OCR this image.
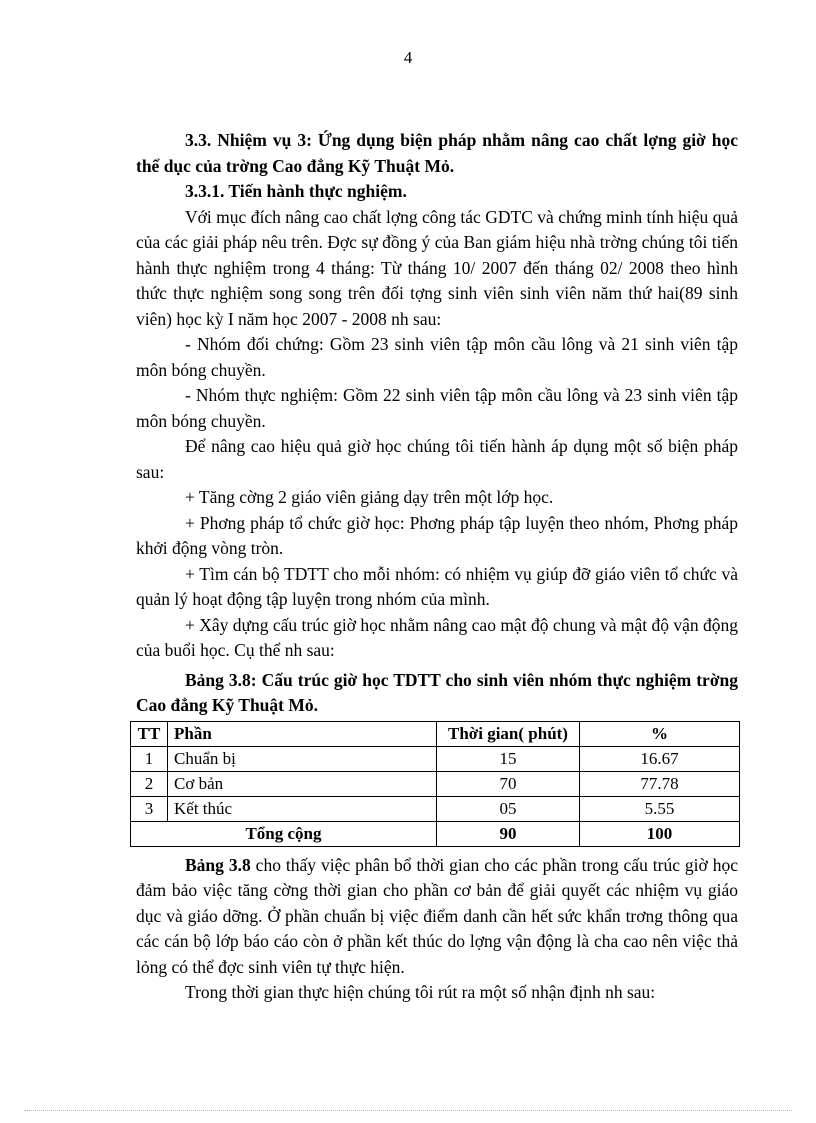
4

3.3. Nhiệm vụ 3: Ứng dụng biện pháp nhằm nâng cao chất lợng giờ học thể dục của trờng Cao đẳng Kỹ Thuật Mỏ.

3.3.1. Tiến hành thực nghiệm.

Với mục đích nâng cao chất lợng công tác GDTC và chứng minh tính hiệu quả của các giải pháp nêu trên. Đợc sự đồng ý của Ban giám hiệu nhà trờng chúng tôi tiến hành thực nghiệm trong 4 tháng: Từ tháng 10/ 2007 đến tháng 02/ 2008 theo hình thức thực nghiệm song song trên đối tợng sinh viên sinh viên năm thứ hai(89 sinh viên) học kỳ I năm học 2007 - 2008 nh sau:

- Nhóm đối chứng: Gồm 23 sinh viên tập môn cầu lông và 21 sinh viên tập môn bóng chuyền.

- Nhóm thực nghiệm: Gồm 22 sinh viên tập môn cầu lông và 23 sinh viên tập môn bóng chuyền.

Để nâng cao hiệu quả giờ học chúng tôi tiến hành áp dụng một số biện pháp sau:

+ Tăng cờng 2 giáo viên giảng dạy trên một lớp học.

+ Phơng pháp tổ chức giờ học: Phơng pháp tập luyện theo nhóm, Phơng pháp khởi động vòng tròn.

+ Tìm cán bộ TDTT cho mỗi nhóm: có nhiệm vụ giúp đỡ giáo viên tổ chức và quản lý hoạt động tập luyện trong nhóm của mình.

+ Xây dựng cấu trúc giờ học nhằm nâng cao mật độ chung và mật độ vận động của buổi học. Cụ thể nh sau:

Bảng 3.8: Cấu trúc giờ học TDTT cho sinh viên nhóm thực nghiệm trờng Cao đẳng Kỹ Thuật Mỏ.

TT	Phần	Thời gian( phút)	%
1	Chuẩn bị	15	16.67
2	Cơ bản	70	77.78
3	Kết thúc	05	5.55
Tổng cộng		90	100

Bảng 3.8 cho thấy việc phân bổ thời gian cho các phần trong cấu trúc giờ học đảm bảo việc tăng cờng thời gian cho phần cơ bản để giải quyết các nhiệm vụ giáo dục và giáo dỡng. Ở phần chuẩn bị việc điểm danh cần hết sức khẩn trơng thông qua các cán bộ lớp báo cáo còn ở phần kết thúc do lợng vận động là cha cao nên việc thả lỏng có thể đợc sinh viên tự thực hiện.

Trong thời gian thực hiện chúng tôi rút ra một số nhận định nh sau:
